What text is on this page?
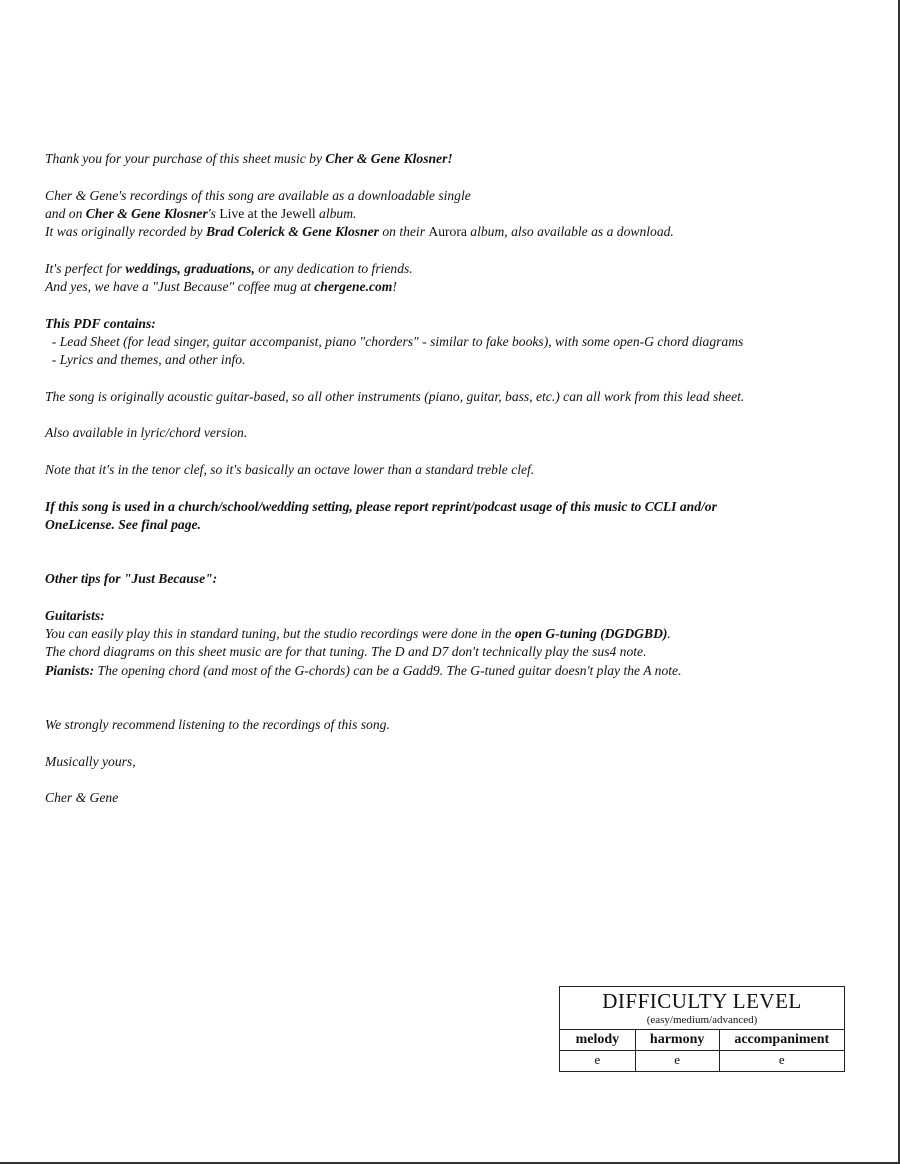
Thank you for your purchase of this sheet music by Cher & Gene Klosner!

Cher & Gene's recordings of this song are available as a downloadable single
and on Cher & Gene Klosner's Live at the Jewell album.
It was originally recorded by Brad Colerick & Gene Klosner on their Aurora album, also available as a download.

It's perfect for weddings, graduations, or any dedication to friends.
And yes, we have a "Just Because" coffee mug at chergene.com!

This PDF contains:
- Lead Sheet (for lead singer, guitar accompanist, piano "chorders" - similar to fake books), with some open-G chord diagrams
- Lyrics and themes, and other info.

The song is originally acoustic guitar-based, so all other instruments (piano, guitar, bass, etc.) can all work from this lead sheet.

Also available in lyric/chord version.

Note that it's in the tenor clef, so it's basically an octave lower than a standard treble clef.

If this song is used in a church/school/wedding setting, please report reprint/podcast usage of this music to CCLI and/or
OneLicense. See final page.

Other tips for "Just Because":

Guitarists:
You can easily play this in standard tuning, but the studio recordings were done in the open G-tuning (DGDGBD).
The chord diagrams on this sheet music are for that tuning. The D and D7 don't technically play the sus4 note.
Pianists: The opening chord (and most of the G-chords) can be a Gadd9. The G-tuned guitar doesn't play the A note.

We strongly recommend listening to the recordings of this song.

Musically yours,

Cher & Gene

DIFFICULTY LEVEL
(easy/medium/advanced)
melody	harmony	accompaniment
e	e	e
